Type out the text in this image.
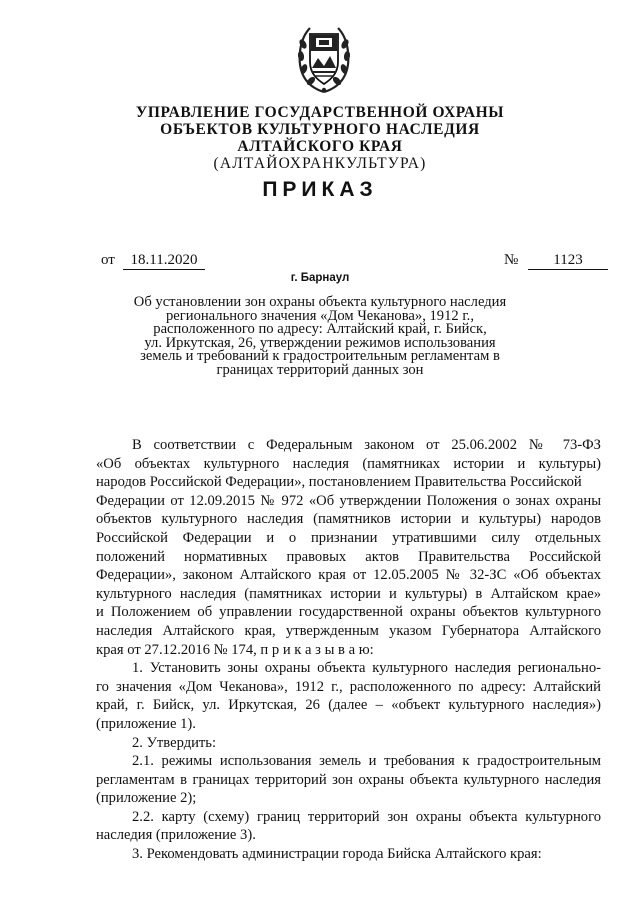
УПРАВЛЕНИЕ ГОСУДАРСТВЕННОЙ ОХРАНЫ
ОБЪЕКТОВ КУЛЬТУРНОГО НАСЛЕДИЯ
АЛТАЙСКОГО КРАЯ
(АЛТАЙОХРАНКУЛЬТУРА)
ПРИКАЗ
от	18.11.2020	№	1123
г. Барнаул
Об установлении зон охраны объекта культурного наследия
регионального значения «Дом Чеканова», 1912 г.,
расположенного по адресу: Алтайский край, г. Бийск,
ул. Иркутская, 26, утверждении режимов использования
земель и требований к градостроительным регламентам в
границах территорий данных зон
В соответствии с Федеральным законом от 25.06.2002 № 73-ФЗ
«Об объектах культурного наследия (памятниках истории и культуры)
народов Российской Федерации», постановлением Правительства Российской
Федерации от 12.09.2015 № 972 «Об утверждении Положения о зонах охраны
объектов культурного наследия (памятников истории и культуры) народов
Российской Федерации и о признании утратившими силу отдельных
положений нормативных правовых актов Правительства Российской
Федерации», законом Алтайского края от 12.05.2005 № 32-ЗС «Об объектах
культурного наследия (памятниках истории и культуры) в Алтайском крае»
и Положением об управлении государственной охраны объектов культурного
наследия Алтайского края, утвержденным указом Губернатора Алтайского
края от 27.12.2016 № 174, п р и к а з ы в а ю:
1. Установить зоны охраны объекта культурного наследия регионально-
го значения «Дом Чеканова», 1912 г., расположенного по адресу: Алтайский
край, г. Бийск, ул. Иркутская, 26 (далее – «объект культурного наследия»)
(приложение 1).
2. Утвердить:
2.1. режимы использования земель и требования к градостроительным
регламентам в границах территорий зон охраны объекта культурного наследия
(приложение 2);
2.2. карту (схему) границ территорий зон охраны объекта культурного
наследия (приложение 3).
3. Рекомендовать администрации города Бийска Алтайского края:
